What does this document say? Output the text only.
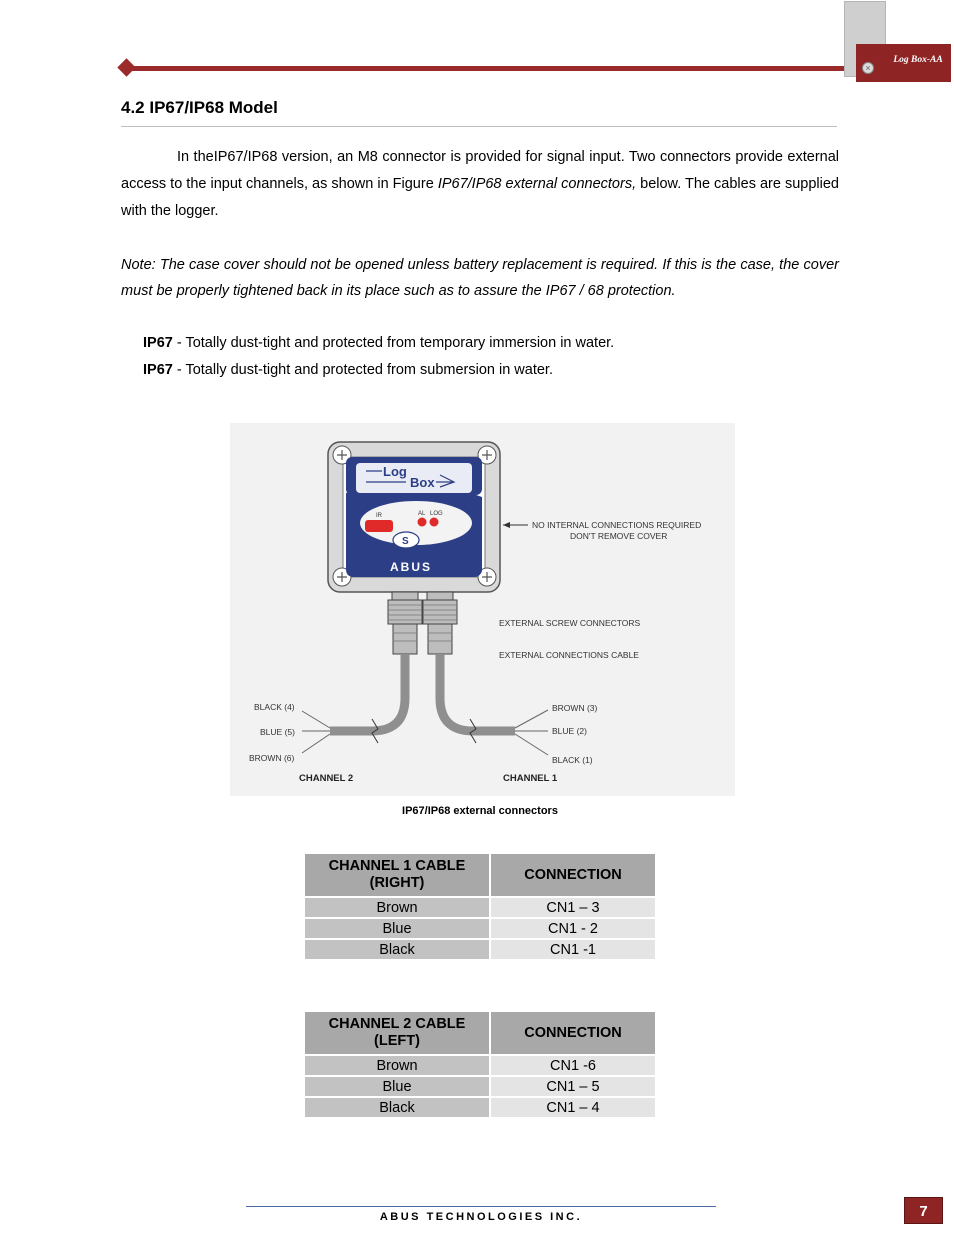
×
Log Box-AA
4.2 IP67/IP68 Model
In theIP67/IP68 version, an M8 connector is provided for signal input. Two connectors provide external access to the input channels, as shown in Figure IP67/IP68 external connectors, below. The cables are supplied with the logger.
Note: The case cover should not be opened unless battery replacement is required. If this is the case, the cover must be properly tightened back in its place such as to assure the IP67 / 68 protection.
IP67 - Totally dust-tight and protected from temporary immersion in water.
IP67 - Totally dust-tight and protected from submersion in water.
Log
Box
IR	AL LOG
S
ABUS
NO INTERNAL CONNECTIONS REQUIRED
DON'T REMOVE COVER
EXTERNAL SCREW CONNECTORS
EXTERNAL CONNECTIONS CABLE
BLACK (4)
BLUE (5)
BROWN (6)
BROWN (3)
BLUE (2)
BLACK (1)
CHANNEL 2	CHANNEL 1
IP67/IP68 external connectors
CHANNEL 1 CABLE
(RIGHT)	CONNECTION
Brown	CN1 – 3
Blue	CN1 - 2
Black	CN1 -1
CHANNEL 2 CABLE
(LEFT)	CONNECTION
Brown	CN1 -6
Blue	CN1 – 5
Black	CN1 – 4
ABUS TECHNOLOGIES INC.	7
